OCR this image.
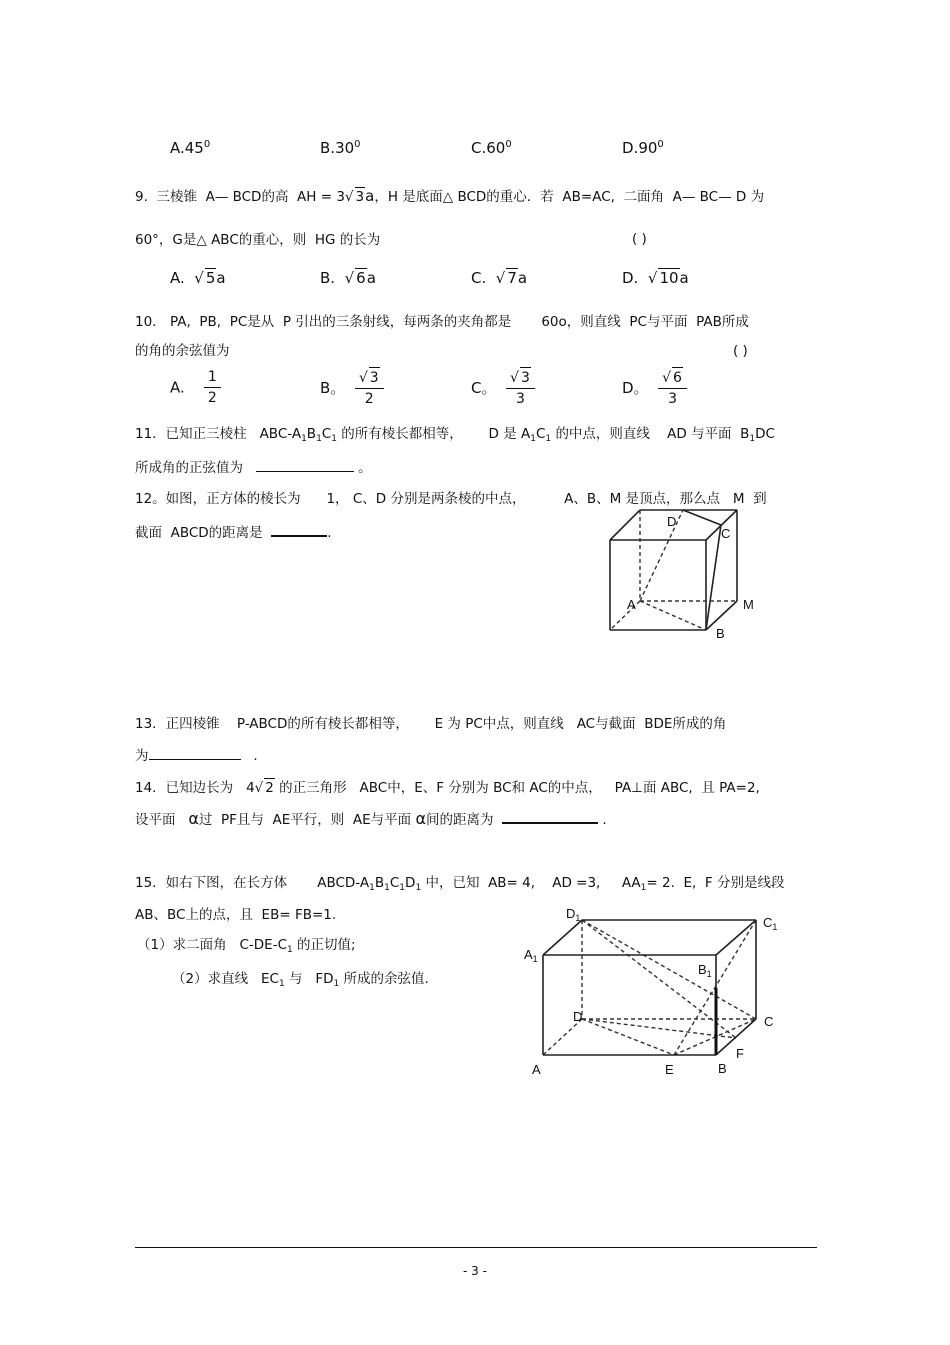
$A.45^0$	$B.30^0$	$C.60^0$	$D.90^0$
9. 三棱锥 A— BCD的高 AH = 3√ 3a，H 是底面△ BCD的重心．若 AB=AC, 二面角 A— BC— D 为
60°，G是△ ABC的重心，则 HG 的长为	( )
A.  √ 5a	B.  √ 6a	C.  √ 7a	D.  √ 10a
10． PA, PB, PC是从 P 引出的三条射线，每两条的夹角都是 60o，则直线 PC与平面 PAB所成
的角的余弦值为	( )
A. $\frac{1}{2}$	B。 $\frac{√ 3}{2}$	C。 $\frac{√ 3}{3}$	D。 $\frac{√ 6}{3}$
11．已知正三棱柱 ABC-$A_1B_1C_1$ 的所有棱长都相等， D 是 $A_1C_1$ 的中点，则直线 AD 与平面 $B_1DC$
所成角的正弦值为	。
12。如图，正方体的棱长为 1， C、D 分别是两条棱的中点，	A、B、M 是顶点，那么点 M 到
截面 ABCD的距离是	.
D
C
A	M
B
13．正四棱锥 P-ABCD的所有棱长都相等， E 为 PC中点，则直线 AC与截面 BDE所成的角
为	.
14．已知边长为 4√ 2 的正三角形 ABC中，E、F 分别为 BC和 AC的中点， PA⊥面 ABC, 且 PA=2,
设平面 α过 PF且与 AE平行，则 AE与平面 α间的距离为	.
15．如右下图，在长方体 ABCD-$A_1B_1C_1D_1$ 中，已知 AB= 4, AD =3, $AA_1= 2$. E, F 分别是线段
AB、BC上的点，且 EB= FB=1.
（1）求二面角 $C-DE-C_1$ 的正切值;
（2）求直线 $EC_1$ 与 $FD_1$ 所成的余弦值.
$D_1$	$C_1$
$A_1$
$B_1$
D	C
F
A	E	B
- 3 -
